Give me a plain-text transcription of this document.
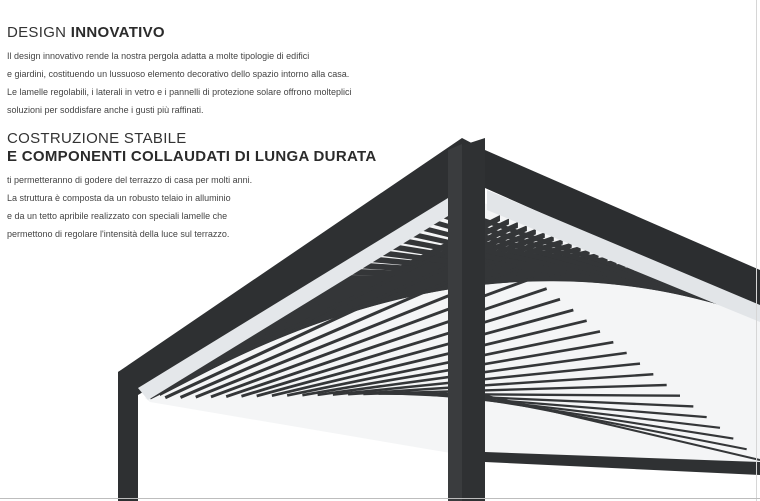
DESIGN INNOVATIVO

Il design innovativo rende la nostra pergola adatta a molte tipologie di edifici
e giardini, costituendo un lussuoso elemento decorativo dello spazio intorno alla casa.
Le lamelle regolabili, i laterali in vetro e i pannelli di protezione solare offrono molteplici
soluzioni per soddisfare anche i gusti più raffinati.

COSTRUZIONE STABILE
E COMPONENTI COLLAUDATI DI LUNGA DURATA

ti permetteranno di godere del terrazzo di casa per molti anni.
La struttura è composta da un robusto telaio in alluminio
e da un tetto apribile realizzato con speciali lamelle che
permettono di regolare l'intensità della luce sul terrazzo.
